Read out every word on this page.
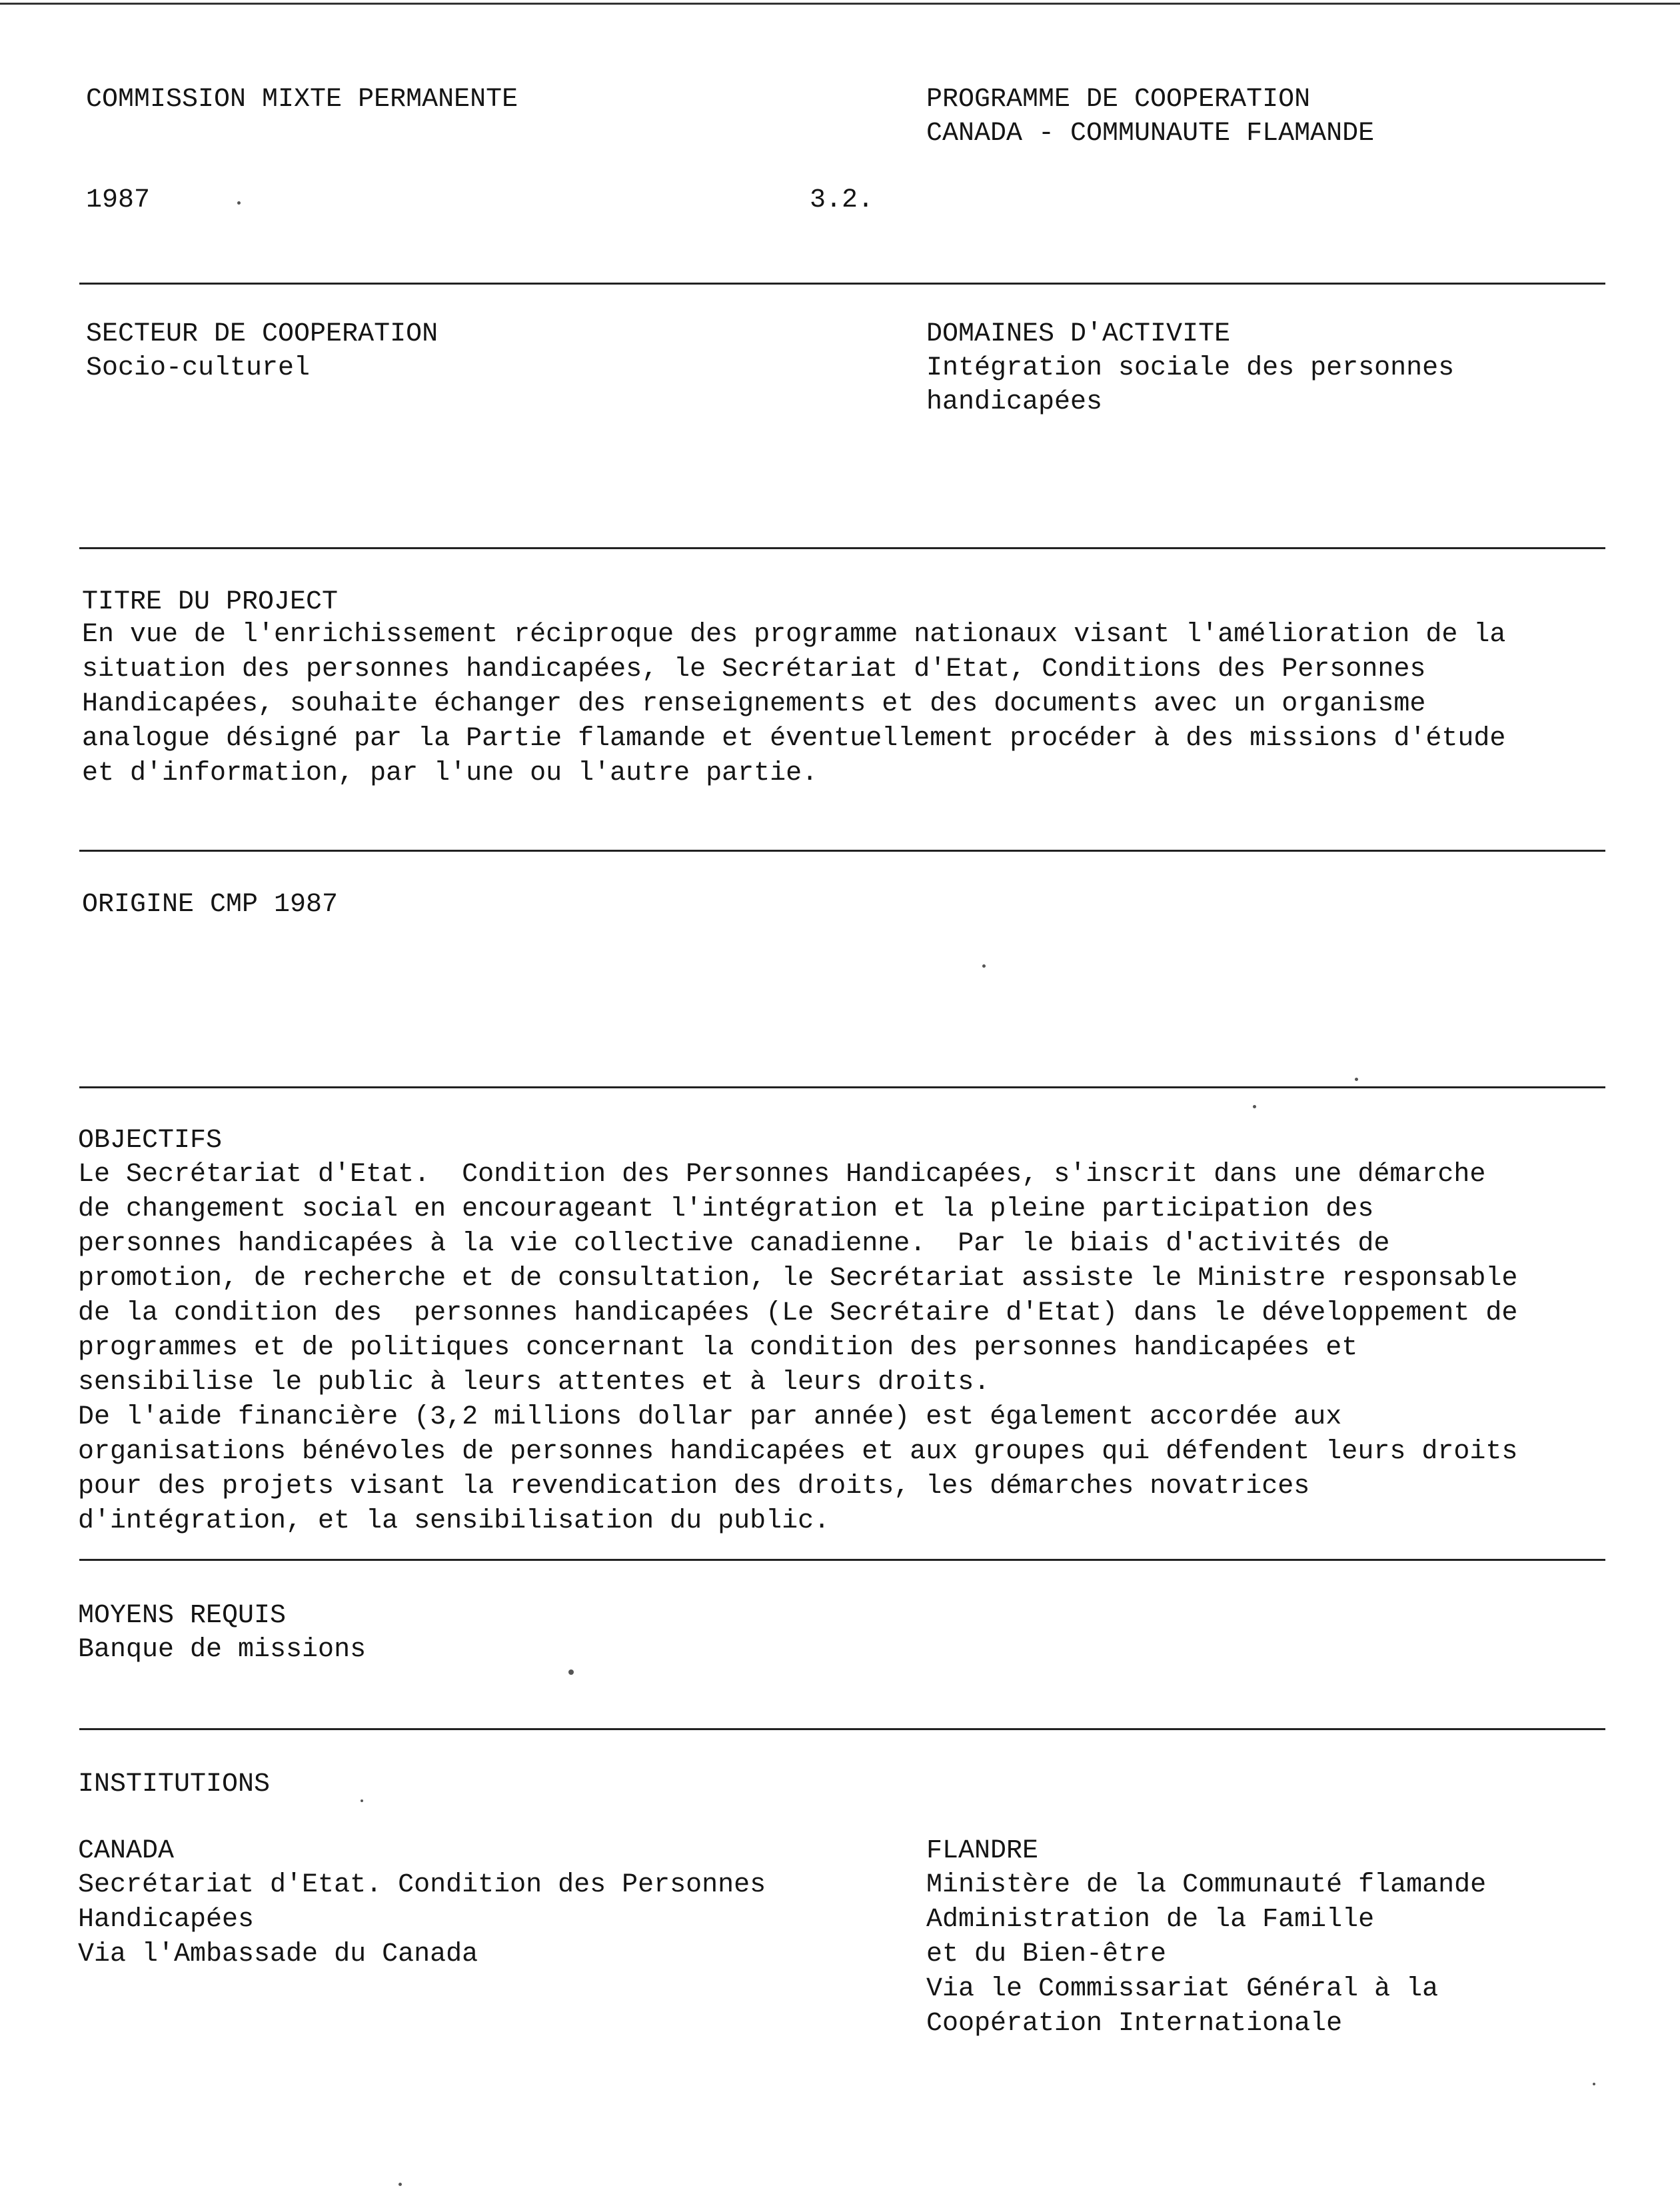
COMMISSION MIXTE PERMANENTE	PROGRAMME DE COOPERATION
CANADA - COMMUNAUTE FLAMANDE
1987	3.2.
SECTEUR DE COOPERATION
Socio-culturel
DOMAINES D'ACTIVITE
Intégration sociale des personnes
handicapées
TITRE DU PROJECT
En vue de l'enrichissement réciproque des programme nationaux visant l'amélioration de la
situation des personnes handicapées, le Secrétariat d'Etat, Conditions des Personnes
Handicapées, souhaite échanger des renseignements et des documents avec un organisme
analogue désigné par la Partie flamande et éventuellement procéder à des missions d'étude
et d'information, par l'une ou l'autre partie.
ORIGINE CMP 1987
OBJECTIFS
Le Secrétariat d'Etat.  Condition des Personnes Handicapées, s'inscrit dans une démarche
de changement social en encourageant l'intégration et la pleine participation des
personnes handicapées à la vie collective canadienne.  Par le biais d'activités de
promotion, de recherche et de consultation, le Secrétariat assiste le Ministre responsable
de la condition des  personnes handicapées (Le Secrétaire d'Etat) dans le développement de
programmes et de politiques concernant la condition des personnes handicapées et
sensibilise le public à leurs attentes et à leurs droits.
De l'aide financière (3,2 millions dollar par année) est également accordée aux
organisations bénévoles de personnes handicapées et aux groupes qui défendent leurs droits
pour des projets visant la revendication des droits, les démarches novatrices
d'intégration, et la sensibilisation du public.
MOYENS REQUIS
Banque de missions
INSTITUTIONS
CANADA
Secrétariat d'Etat. Condition des Personnes
Handicapées
Via l'Ambassade du Canada
FLANDRE
Ministère de la Communauté flamande
Administration de la Famille
et du Bien-être
Via le Commissariat Général à la
Coopération Internationale
